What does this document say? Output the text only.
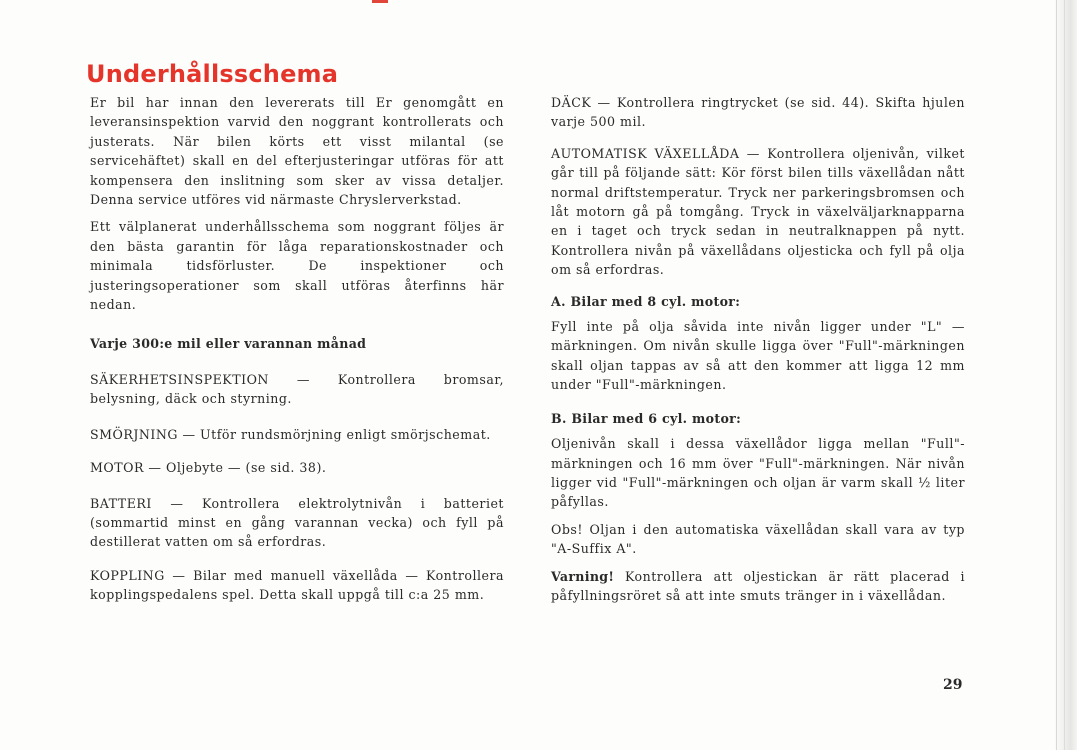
Underhållsschema

Er bil har innan den levererats till Er genomgått en leveransinspektion varvid den noggrant kontrollerats och justerats. När bilen körts ett visst milantal (se servicehäftet) skall en del efterjusteringar utföras för att kompensera den inslitning som sker av vissa detaljer. Denna service utföres vid närmaste Chryslerverkstad.

Ett välplanerat underhållsschema som noggrant följes är den bästa garantin för låga reparationskostnader och minimala tidsförluster. De inspektioner och justeringsoperationer som skall utföras återfinns här nedan.

Varje 300:e mil eller varannan månad

SÄKERHETSINSPEKTION — Kontrollera bromsar, belysning, däck och styrning.

SMÖRJNING — Utför rundsmörjning enligt smörjschemat.

MOTOR — Oljebyte — (se sid. 38).

BATTERI — Kontrollera elektrolytnivån i batteriet (sommartid minst en gång varannan vecka) och fyll på destillerat vatten om så erfordras.

KOPPLING — Bilar med manuell växellåda — Kontrollera kopplingspedalens spel. Detta skall uppgå till c:a 25 mm.

DÄCK — Kontrollera ringtrycket (se sid. 44). Skifta hjulen varje 500 mil.

AUTOMATISK VÄXELLÅDA — Kontrollera oljenivån, vilket går till på följande sätt: Kör först bilen tills växellådan nått normal driftstemperatur. Tryck ner parkeringsbromsen och låt motorn gå på tomgång. Tryck in växelväljarknapparna en i taget och tryck sedan in neutralknappen på nytt. Kontrollera nivån på växellådans oljesticka och fyll på olja om så erfordras.

A. Bilar med 8 cyl. motor:

Fyll inte på olja såvida inte nivån ligger under "L" — märkningen. Om nivån skulle ligga över "Full"-märkningen skall oljan tappas av så att den kommer att ligga 12 mm under "Full"-märkningen.

B. Bilar med 6 cyl. motor:

Oljenivån skall i dessa växellådor ligga mellan "Full"-märkningen och 16 mm över "Full"-märkningen. När nivån ligger vid "Full"-märkningen och oljan är varm skall ½ liter påfyllas.

Obs! Oljan i den automatiska växellådan skall vara av typ "A-Suffix A".

Varning! Kontrollera att oljestickan är rätt placerad i påfyllningsröret så att inte smuts tränger in i växellådan.

29
